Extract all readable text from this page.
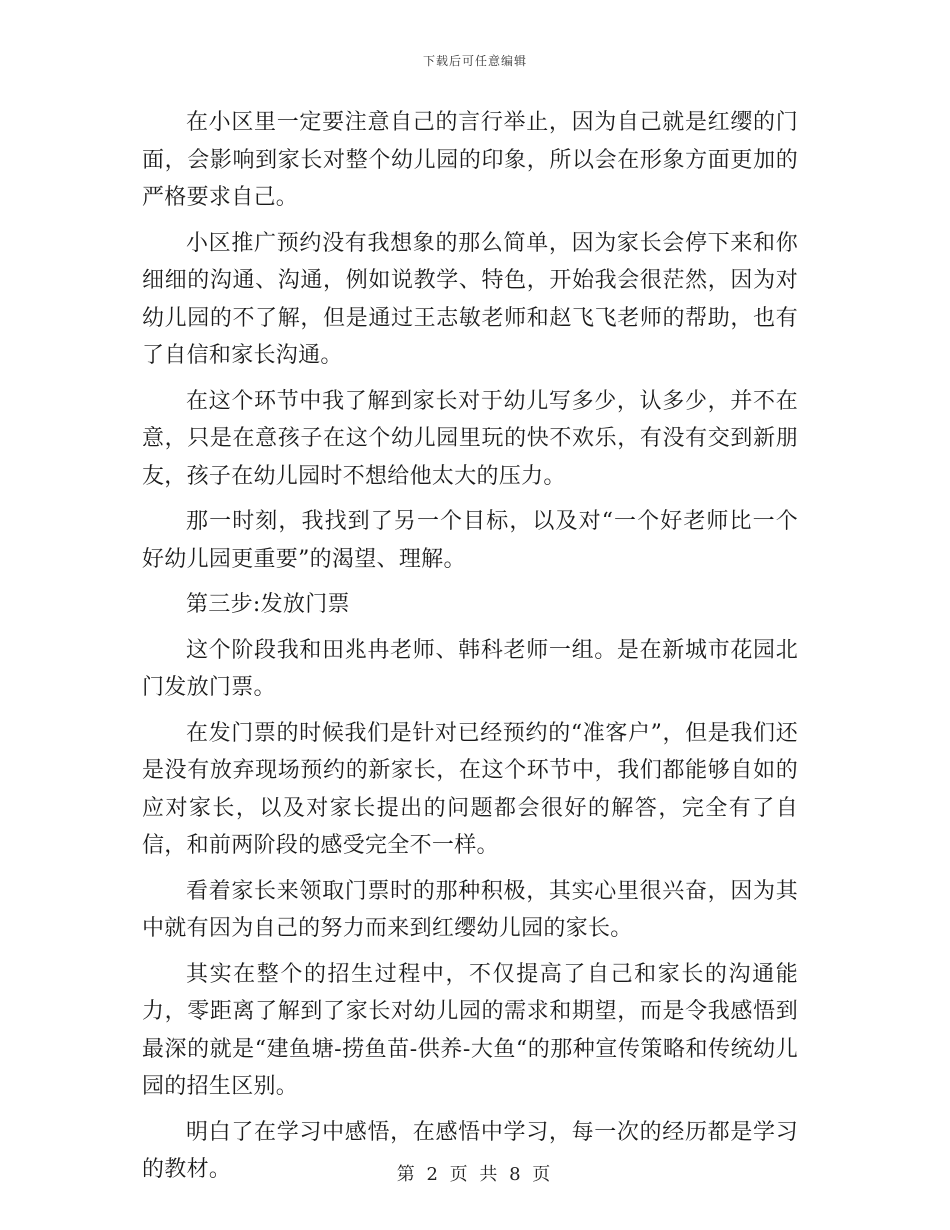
下载后可任意编辑

在小区里一定要注意自己的言行举止，因为自己就是红缨的门面，会影响到家长对整个幼儿园的印象，所以会在形象方面更加的严格要求自己。

小区推广预约没有我想象的那么简单，因为家长会停下来和你细细的沟通、沟通，例如说教学、特色，开始我会很茫然，因为对幼儿园的不了解，但是通过王志敏老师和赵飞飞老师的帮助，也有了自信和家长沟通。

在这个环节中我了解到家长对于幼儿写多少，认多少，并不在意，只是在意孩子在这个幼儿园里玩的快不欢乐，有没有交到新朋友，孩子在幼儿园时不想给他太大的压力。

那一时刻，我找到了另一个目标，以及对“一个好老师比一个好幼儿园更重要”的渴望、理解。

第三步:发放门票

这个阶段我和田兆冉老师、韩科老师一组。是在新城市花园北门发放门票。

在发门票的时候我们是针对已经预约的“准客户”，但是我们还是没有放弃现场预约的新家长，在这个环节中，我们都能够自如的应对家长，以及对家长提出的问题都会很好的解答，完全有了自信，和前两阶段的感受完全不一样。

看着家长来领取门票时的那种积极，其实心里很兴奋，因为其中就有因为自己的努力而来到红缨幼儿园的家长。

其实在整个的招生过程中，不仅提高了自己和家长的沟通能力，零距离了解到了家长对幼儿园的需求和期望，而是令我感悟到最深的就是“建鱼塘-捞鱼苗-供养-大鱼“的那种宣传策略和传统幼儿园的招生区别。

明白了在学习中感悟，在感悟中学习，每一次的经历都是学习的教材。	第 2 页 共 8 页
